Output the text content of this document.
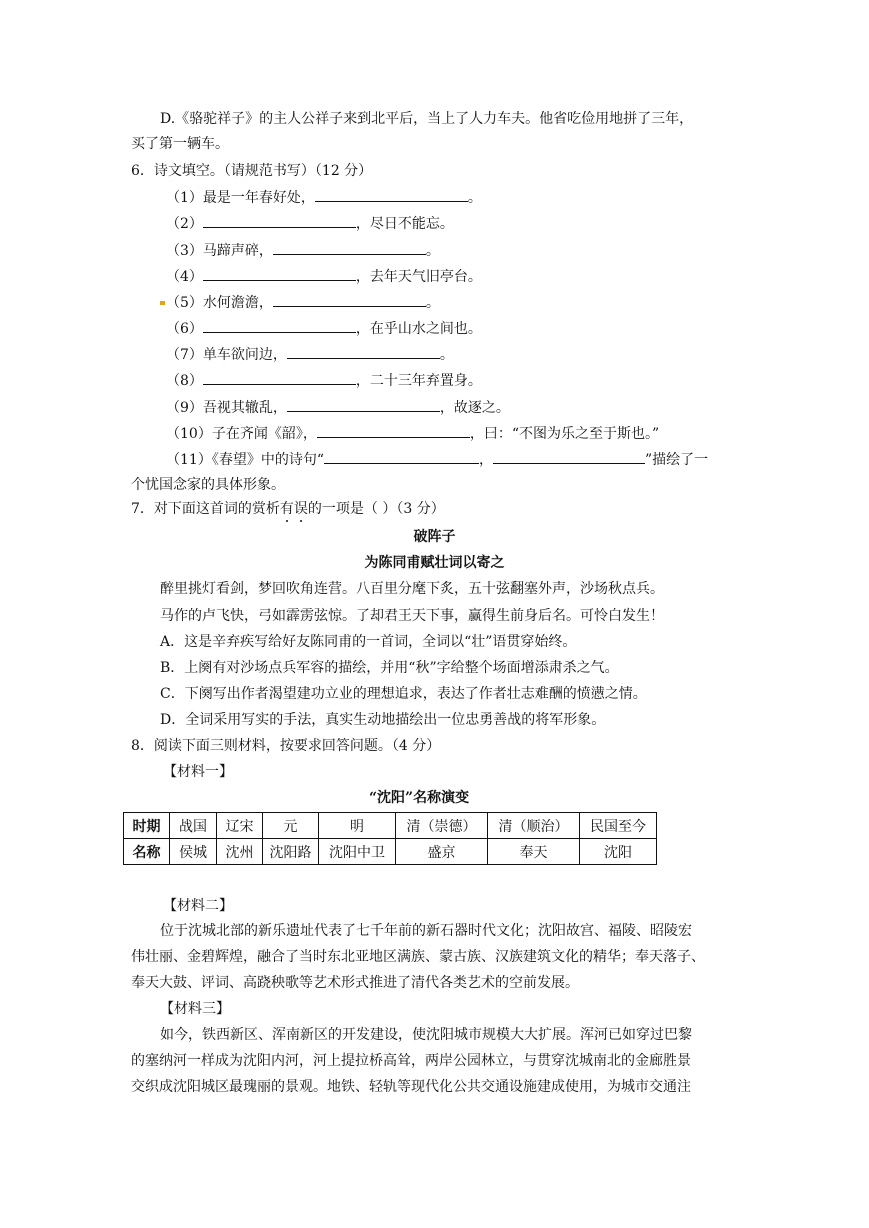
D.《骆驼祥子》的主人公祥子来到北平后，当上了人力车夫。他省吃俭用地拼了三年，
买了第一辆车。
6．诗文填空。（请规范书写）（12 分）
（1）最是一年春好处，	。
（2）	，尽日不能忘。
（3）马蹄声碎，	。
（4）	，去年天气旧亭台。
（5）水何澹澹，	。
（6）	，在乎山水之间也。
（7）单车欲问边，	。
（8）	，二十三年弃置身。
（9）吾视其辙乱，	，故逐之。
（10）子在齐闻《韶》，	，曰：“不图为乐之至于斯也。”
（11）《春望》中的诗句“	，	”描绘了一
个忧国念家的具体形象。
7．对下面这首词的赏析有误的一项是（ ）（3 分）
破阵子
为陈同甫赋壮词以寄之
醉里挑灯看剑，梦回吹角连营。八百里分麾下炙，五十弦翻塞外声，沙场秋点兵。
马作的卢飞快，弓如霹雳弦惊。了却君王天下事，赢得生前身后名。可怜白发生！
A．这是辛弃疾写给好友陈同甫的一首词，全词以“壮”语贯穿始终。
B．上阕有对沙场点兵军容的描绘，并用“秋”字给整个场面增添肃杀之气。
C．下阕写出作者渴望建功立业的理想追求，表达了作者壮志难酬的愤懑之情。
D．全词采用写实的手法，真实生动地描绘出一位忠勇善战的将军形象。
8．阅读下面三则材料，按要求回答问题。（4 分）
【材料一】
“沈阳”名称演变
时期	战国	辽宋	元	明	清（崇德）	清（顺治）	民国至今
名称	侯城	沈州	沈阳路	沈阳中卫	盛京	奉天	沈阳
【材料二】
位于沈城北部的新乐遗址代表了七千年前的新石器时代文化；沈阳故宫、福陵、昭陵宏
伟壮丽、金碧辉煌，融合了当时东北亚地区满族、蒙古族、汉族建筑文化的精华；奉天落子、
奉天大鼓、评词、高跷秧歌等艺术形式推进了清代各类艺术的空前发展。
【材料三】
如今，铁西新区、浑南新区的开发建设，使沈阳城市规模大大扩展。浑河已如穿过巴黎
的塞纳河一样成为沈阳内河，河上提拉桥高耸，两岸公园林立，与贯穿沈城南北的金廊胜景
交织成沈阳城区最瑰丽的景观。地铁、轻轨等现代化公共交通设施建成使用，为城市交通注
